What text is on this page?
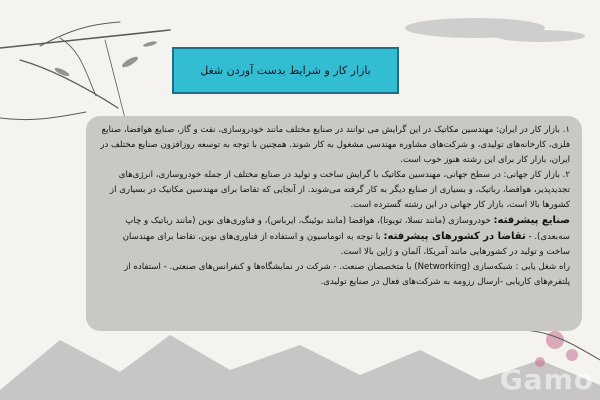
بازار کار و شرایط بدست آوردن شغل

۱. بازار کار در ایران: مهندسین مکاتیک در این گرایش می توانند در صنایع مختلف مانند خودروسازی، نفت و گاز، صنایع هوافضا، صنایع فلزی، کارخانه‌های تولیدی، و شرکت‌های مشاوره مهندسی مشغول به کار شوند. همچنین با توجه به توسعه روزافزون صنایع مختلف در ایران، بازار کار برای این رشته هنوز خوب است.

۲. بازار کار جهانی: در سطح جهانی، مهندسین مکاتیک با گرایش ساخت و تولید در صنایع مختلف از جمله خودروسازی، انرژی‌های تجدیدپذیر، هوافضا، رباتیک، و بسیاری از صنایع دیگر به کار گرفته می‌شوند. از آنجایی که تقاضا برای مهندسین مکانیک در بسیاری از کشورها بالا است، بازار کار جهانی در این رشته گسترده است.

صنایع پیشرفته: خودروسازی (مانند تسلا، تویوتا)، هوافضا (مانند بوئینگ، ایرباس)، و فناوری‌های نوین (مانند رباتیک و چاپ سه‌بعدی). - تقاضا در کشورهای پیشرفته: با توجه به اتوماسیون و استفاده از فناوری‌های نوین، تقاضا برای مهندسان ساخت و تولید در کشورهایی مانند آمریکا، آلمان و ژاپن بالا است.

راه شغل یابی : شبکه‌سازی (Networking) با متخصصان صنعت. - شرکت در نمایشگاه‌ها و کنفرانس‌های صنعتی. - استفاده از پلتفرم‌های کاریابی -ارسال رزومه به شرکت‌های فعال در صنایع تولیدی.

Gamo
